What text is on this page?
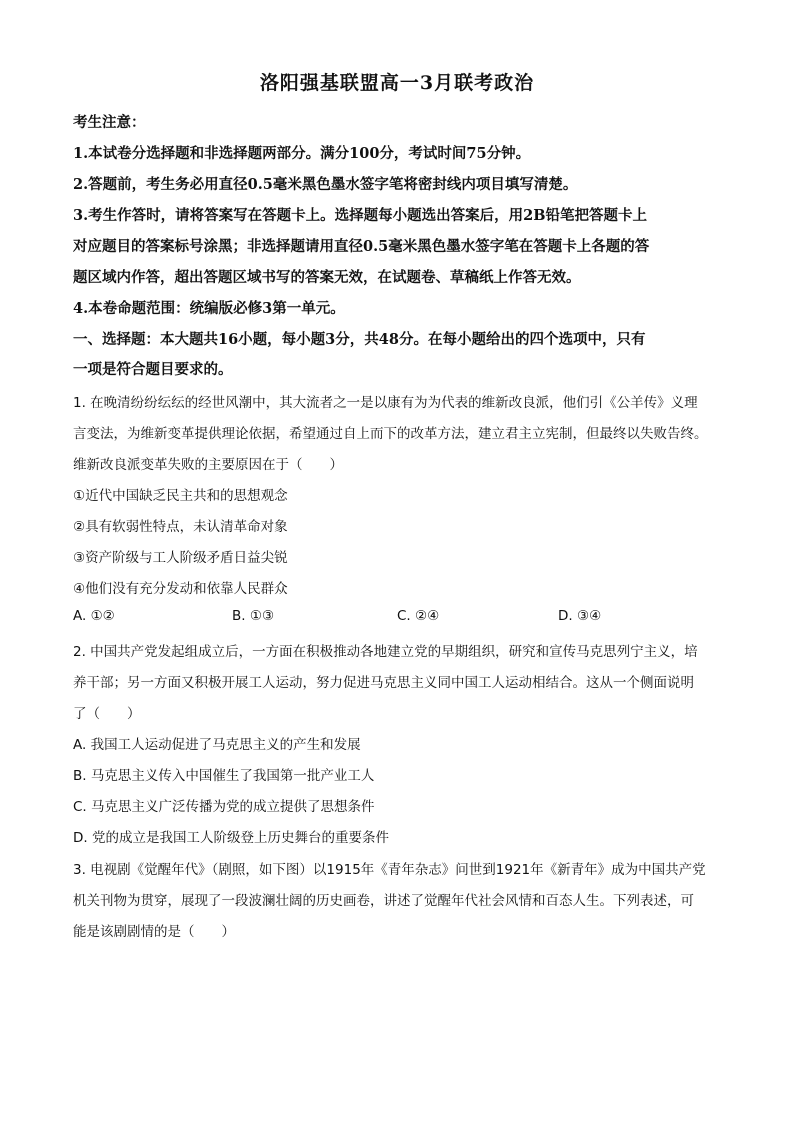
洛阳强基联盟高一3月联考政治
考生注意：
1.本试卷分选择题和非选择题两部分。满分100分，考试时间75分钟。
2.答题前，考生务必用直径0.5毫米黑色墨水签字笔将密封线内项目填写清楚。
3.考生作答时，请将答案写在答题卡上。选择题每小题选出答案后，用2B铅笔把答题卡上
对应题目的答案标号涂黑；非选择题请用直径0.5毫米黑色墨水签字笔在答题卡上各题的答
题区域内作答，超出答题区域书写的答案无效，在试题卷、草稿纸上作答无效。
4.本卷命题范围：统编版必修3第一单元。
一、选择题：本大题共16小题，每小题3分，共48分。在每小题给出的四个选项中，只有
一项是符合题目要求的。
1. 在晚清纷纷纭纭的经世风潮中，其大流者之一是以康有为为代表的维新改良派，他们引《公羊传》义理
言变法，为维新变革提供理论依据，希望通过自上而下的改革方法，建立君主立宪制，但最终以失败告终。
维新改良派变革失败的主要原因在于（　　）
①近代中国缺乏民主共和的思想观念
②具有软弱性特点，未认清革命对象
③资产阶级与工人阶级矛盾日益尖锐
④他们没有充分发动和依靠人民群众
A. ①②	B. ①③	C. ②④	D. ③④
2. 中国共产党发起组成立后，一方面在积极推动各地建立党的早期组织，研究和宣传马克思列宁主义，培
养干部；另一方面又积极开展工人运动，努力促进马克思主义同中国工人运动相结合。这从一个侧面说明
了（　　）
A. 我国工人运动促进了马克思主义的产生和发展
B. 马克思主义传入中国催生了我国第一批产业工人
C. 马克思主义广泛传播为党的成立提供了思想条件
D. 党的成立是我国工人阶级登上历史舞台的重要条件
3. 电视剧《觉醒年代》（剧照，如下图）以1915年《青年杂志》问世到1921年《新青年》成为中国共产党
机关刊物为贯穿，展现了一段波澜壮阔的历史画卷，讲述了觉醒年代社会风情和百态人生。下列表述，可
能是该剧剧情的是（　　）
